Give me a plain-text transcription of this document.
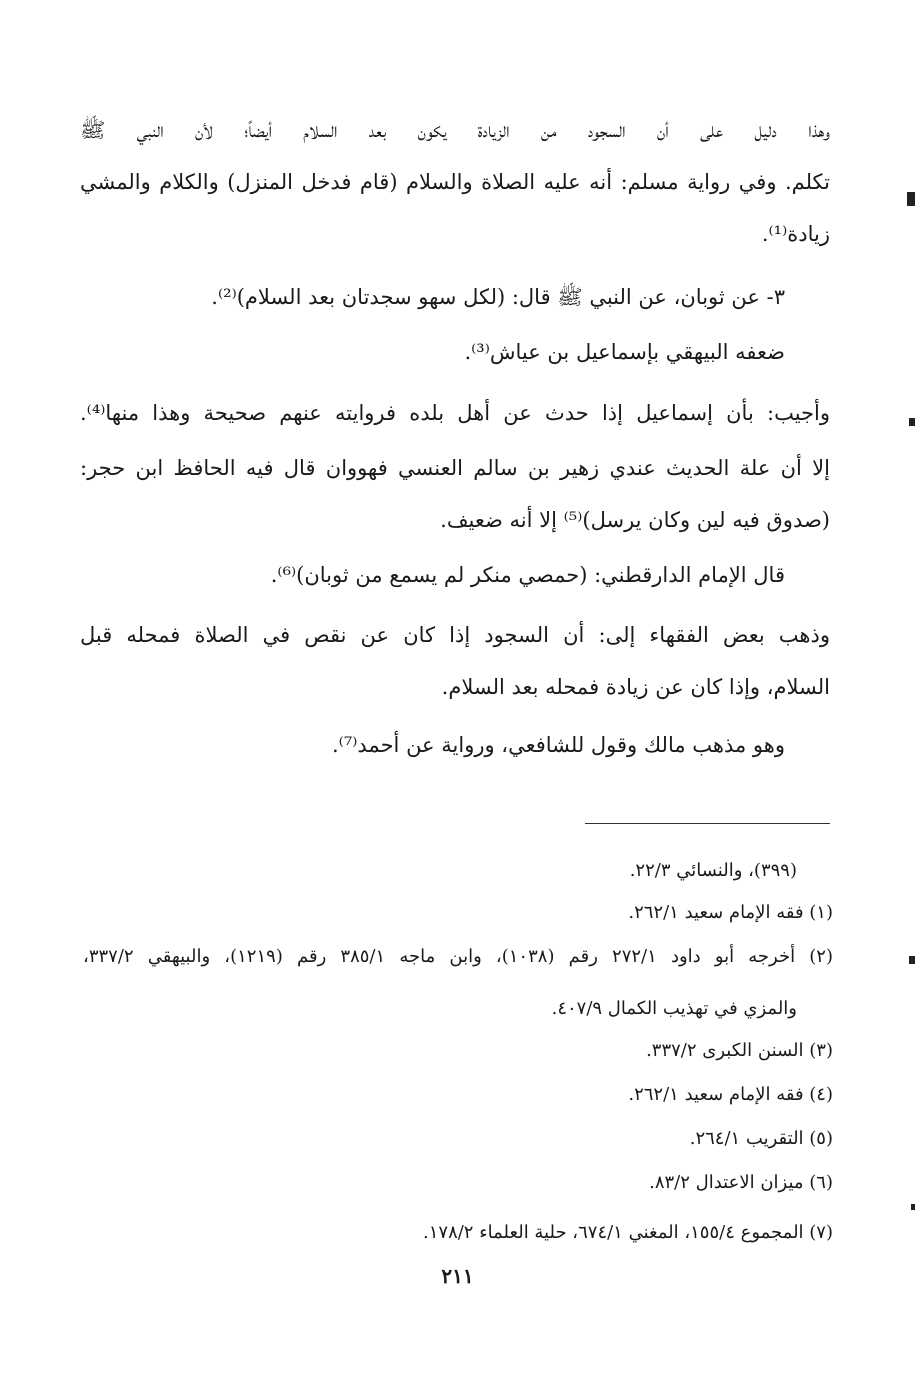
وهذا دليل على أن السجود من الزيادة يكون بعد السلام أيضاً؛ لأن النبي ﷺ
تكلم. وفي رواية مسلم: أنه عليه الصلاة والسلام (قام فدخل المنزل) والكلام والمشي
زيادة⁽¹⁾.
٣- عن ثوبان، عن النبي ﷺ قال: (لكل سهو سجدتان بعد السلام)⁽²⁾.
ضعفه البيهقي بإسماعيل بن عياش⁽³⁾.
وأجيب: بأن إسماعيل إذا حدث عن أهل بلده فروايته عنهم صحيحة وهذا منها⁽⁴⁾.
إلا أن علة الحديث عندي زهير بن سالم العنسي فهووان قال فيه الحافظ ابن حجر:
(صدوق فيه لين وكان يرسل)⁽⁵⁾ إلا أنه ضعيف.
قال الإمام الدارقطني: (حمصي منكر لم يسمع من ثوبان)⁽⁶⁾.
وذهب بعض الفقهاء إلى: أن السجود إذا كان عن نقص في الصلاة فمحله قبل
السلام، وإذا كان عن زيادة فمحله بعد السلام.
وهو مذهب مالك وقول للشافعي، ورواية عن أحمد⁽⁷⁾.
(٣٩٩)، والنسائي ٢٢/٣.
(١) فقه الإمام سعيد ٢٦٢/١.
(٢) أخرجه أبو داود ٢٧٢/١ رقم (١٠٣٨)، وابن ماجه ٣٨٥/١ رقم (١٢١٩)، والبيهقي ٣٣٧/٢،
والمزي في تهذيب الكمال ٤٠٧/٩.
(٣) السنن الكبرى ٣٣٧/٢.
(٤) فقه الإمام سعيد ٢٦٢/١.
(٥) التقريب ٢٦٤/١.
(٦) ميزان الاعتدال ٨٣/٢.
(٧) المجموع ١٥٥/٤، المغني ٦٧٤/١، حلية العلماء ١٧٨/٢.
٢١١
